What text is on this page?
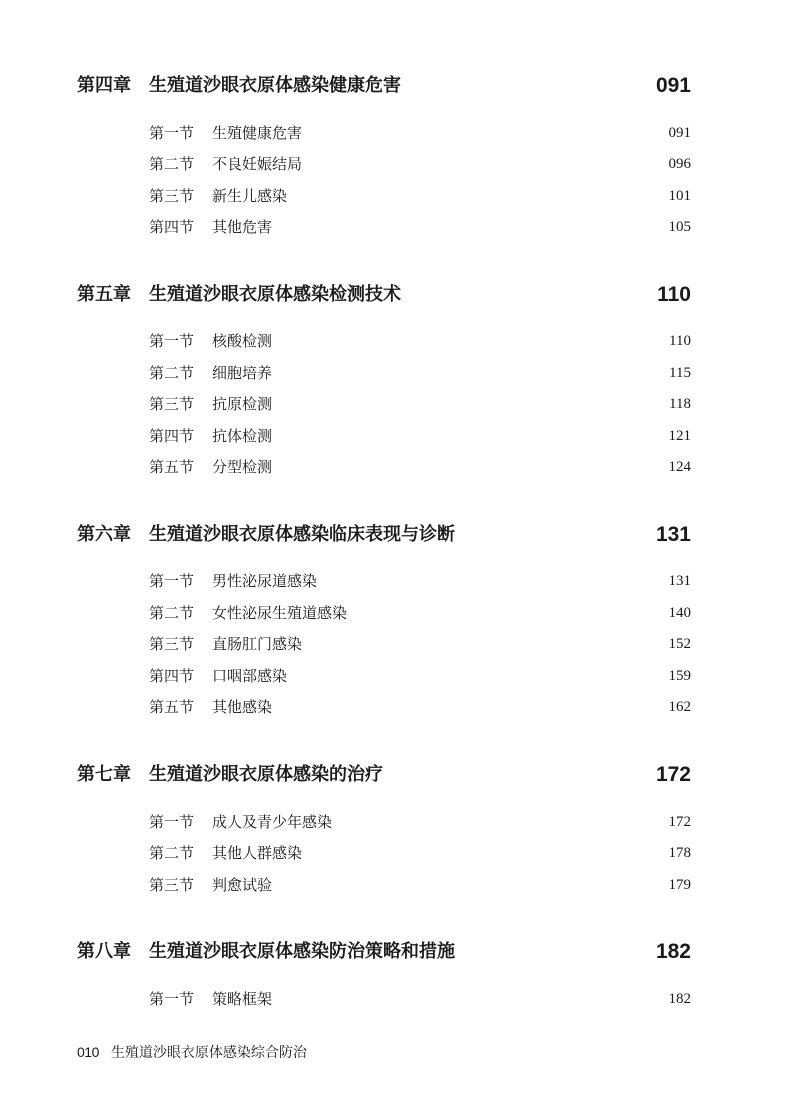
第四章 生殖道沙眼衣原体感染健康危害	091
第一节 生殖健康危害	091
第二节 不良妊娠结局	096
第三节 新生儿感染	101
第四节 其他危害	105
第五章 生殖道沙眼衣原体感染检测技术	110
第一节 核酸检测	110
第二节 细胞培养	115
第三节 抗原检测	118
第四节 抗体检测	121
第五节 分型检测	124
第六章 生殖道沙眼衣原体感染临床表现与诊断	131
第一节 男性泌尿道感染	131
第二节 女性泌尿生殖道感染	140
第三节 直肠肛门感染	152
第四节 口咽部感染	159
第五节 其他感染	162
第七章 生殖道沙眼衣原体感染的治疗	172
第一节 成人及青少年感染	172
第二节 其他人群感染	178
第三节 判愈试验	179
第八章 生殖道沙眼衣原体感染防治策略和措施	182
第一节 策略框架	182
010 生殖道沙眼衣原体感染综合防治
